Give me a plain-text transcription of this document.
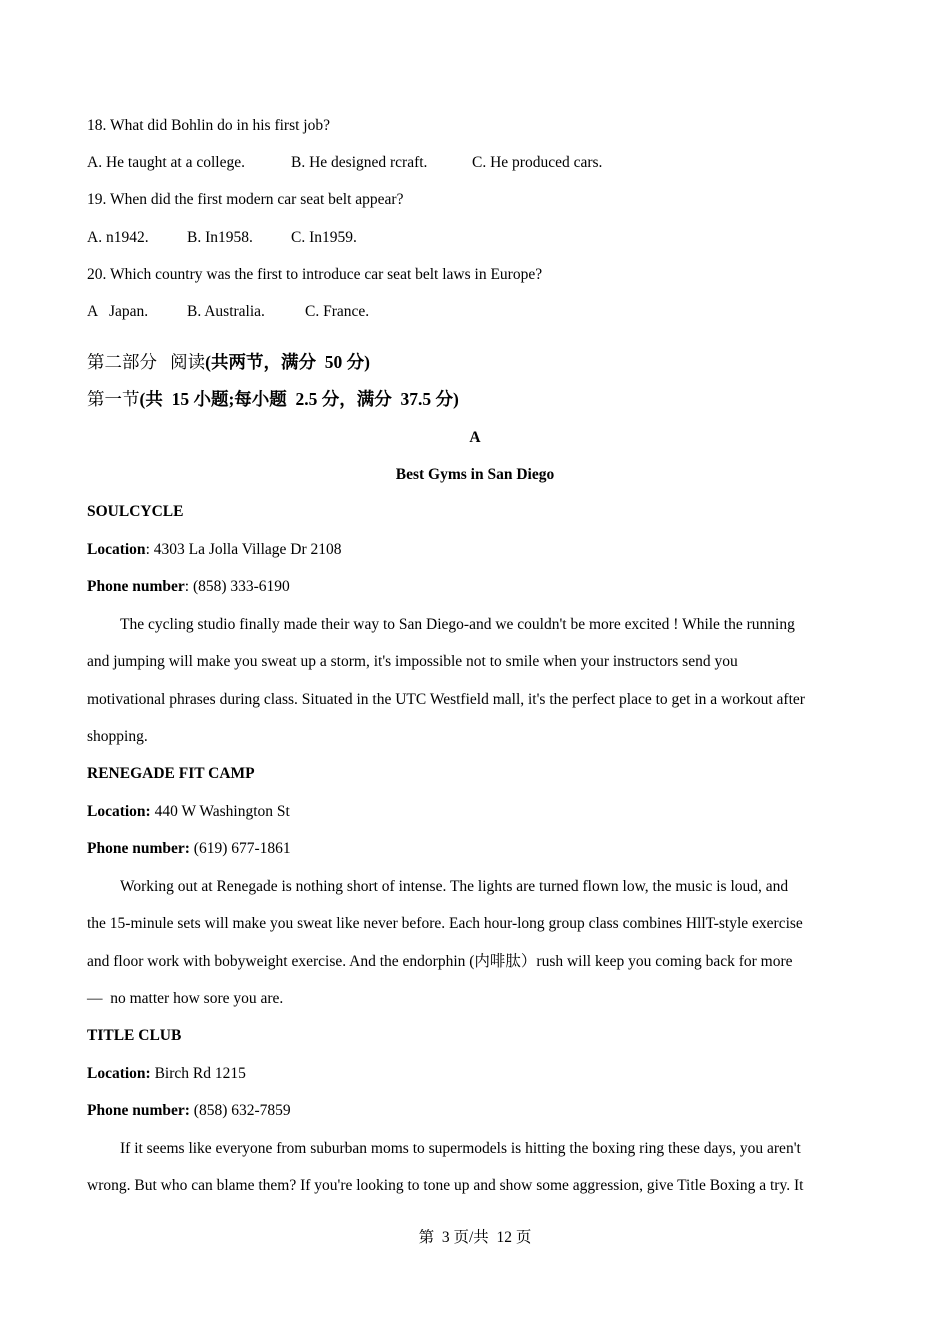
18. What did Bohlin do in his first job?
A. He taught at a college.	B. He designed rcraft.	C. He produced cars.
19. When did the first modern car seat belt appear?
A. n1942. B. In1958. C. In1959.
20. Which country was the first to introduce car seat belt laws in Europe?
A   Japan.	B. Australia.	C. France.
第二部分   阅读(共两节，满分  50 分)
第一节(共  15 小题;每小题  2.5 分，满分  37.5 分)
A
Best Gyms in San Diego
SOULCYCLE
Location: 4303 La Jolla Village Dr 2108
Phone number: (858) 333-6190
The cycling studio finally made their way to San Diego-and we couldn't be more excited ! While the running
and jumping will make you sweat up a storm, it's impossible not to smile when your instructors send you
motivational phrases during class. Situated in the UTC Westfield mall, it's the perfect place to get in a workout after
shopping.
RENEGADE FIT CAMP
Location: 440 W Washington St
Phone number: (619) 677-1861
Working out at Renegade is nothing short of intense. The lights are turned flown low, the music is loud, and
the 15-minule sets will make you sweat like never before. Each hour-long group class combines HllT-style exercise
and floor work with bobyweight exercise. And the endorphin (内啡肽）rush will keep you coming back for more
—  no matter how sore you are.
TITLE CLUB
Location: Birch Rd 1215
Phone number: (858) 632-7859
If it seems like everyone from suburban moms to supermodels is hitting the boxing ring these days, you aren't
wrong. But who can blame them? If you're looking to tone up and show some aggression, give Title Boxing a try. It
第  3 页/共  12 页
